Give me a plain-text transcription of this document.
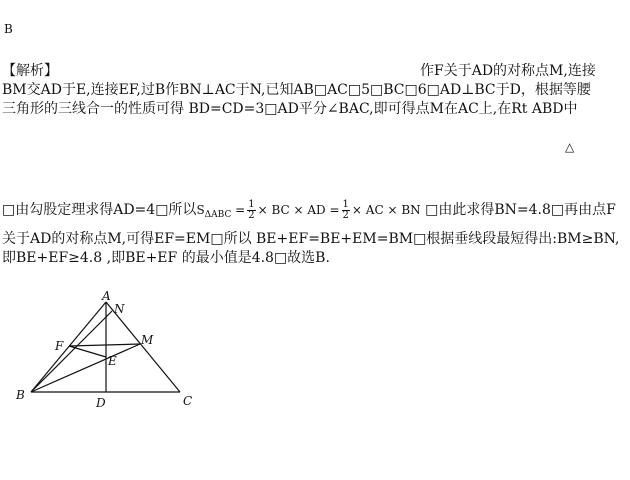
B
【解析】	作F关于AD的对称点M,连接
BM交AD于E,连接EF,过B作BN⊥AC于N,已知AB□AC□5□BC□6□AD⊥BC于D，根据等腰
三角形的三线合一的性质可得 BD=CD=3□AD平分∠BAC,即可得点M在AC上,在Rt ABD中
△
□由勾股定理求得AD=4□所以$S_{\Delta ABC} = \frac{1}{2}$ × BC × AD = $\frac{1}{2}$ × AC × BN □由此求得BN=4.8□再由点F
关于AD的对称点M,可得EF=EM□所以 BE+EF=BE+EM=BM□根据垂线段最短得出:BM≥BN,
即BE+EF≥4.8 ,即BE+EF 的最小值是4.8□故选B.
A
N
F	M
E
B
D	C
